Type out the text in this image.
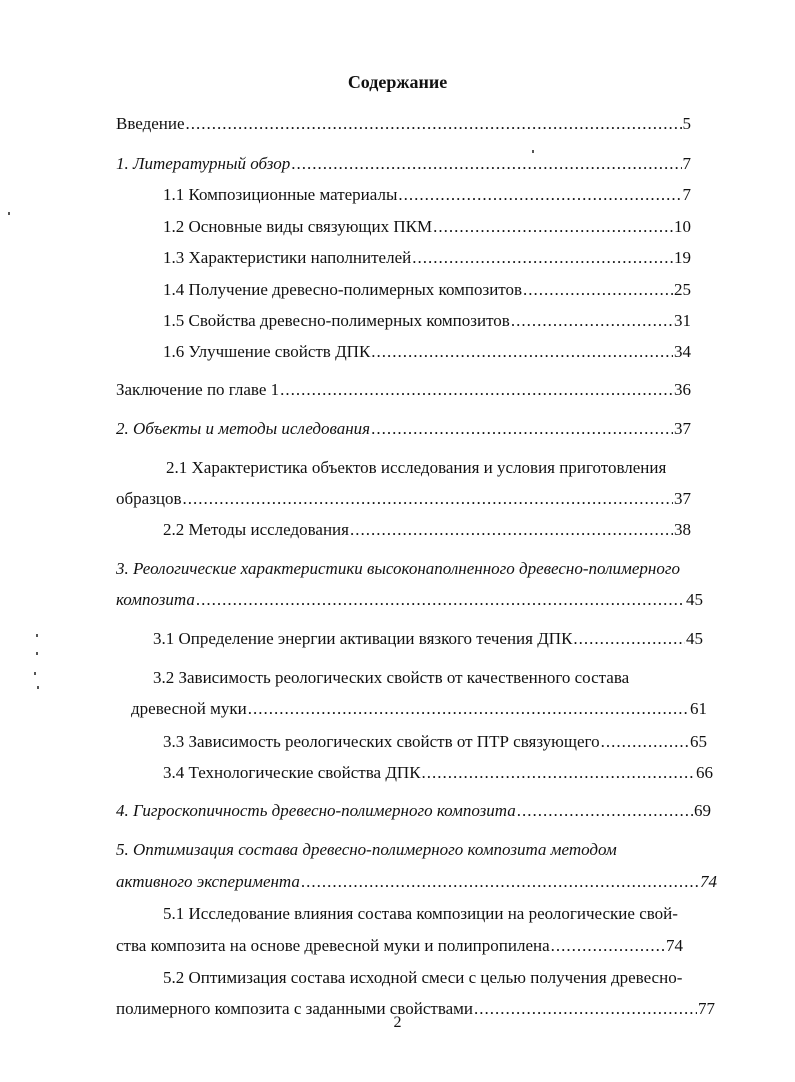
Содержание
Введение .....	5
1. Литературный обзор .....	7
1.1 Композиционные материалы .....	7
1.2 Основные виды связующих ПКМ .....	10
1.3 Характеристики наполнителей .....	19
1.4 Получение древесно-полимерных композитов .....	25
1.5 Свойства древесно-полимерных композитов .....	31
1.6 Улучшение свойств ДПК .....	34
Заключение по главе 1 .....	36
2. Объекты и методы иследования .....	37
2.1 Характеристика объектов исследования и условия приготовления
образцов .....	37
2.2 Методы исследования .....	38
3. Реологические характеристики высоконаполненного древесно-полимерного
композита .....	45
3.1 Определение энергии активации вязкого течения ДПК .....	45
3.2 Зависимость реологических свойств от качественного состава
древесной муки .....	61
3.3 Зависимость реологических свойств от ПТР связующего .....	65
3.4 Технологические свойства ДПК .....	66
4. Гигроскопичность древесно-полимерного композита .....	69
5. Оптимизация состава древесно-полимерного композита методом
активного эксперимента .....	74
5.1 Исследование влияния состава композиции на реологические свой-
ства композита на основе древесной муки и полипропилена .....	74
5.2 Оптимизация состава исходной смеси с целью получения древесно-
полимерного композита с заданными свойствами .....	77
2
